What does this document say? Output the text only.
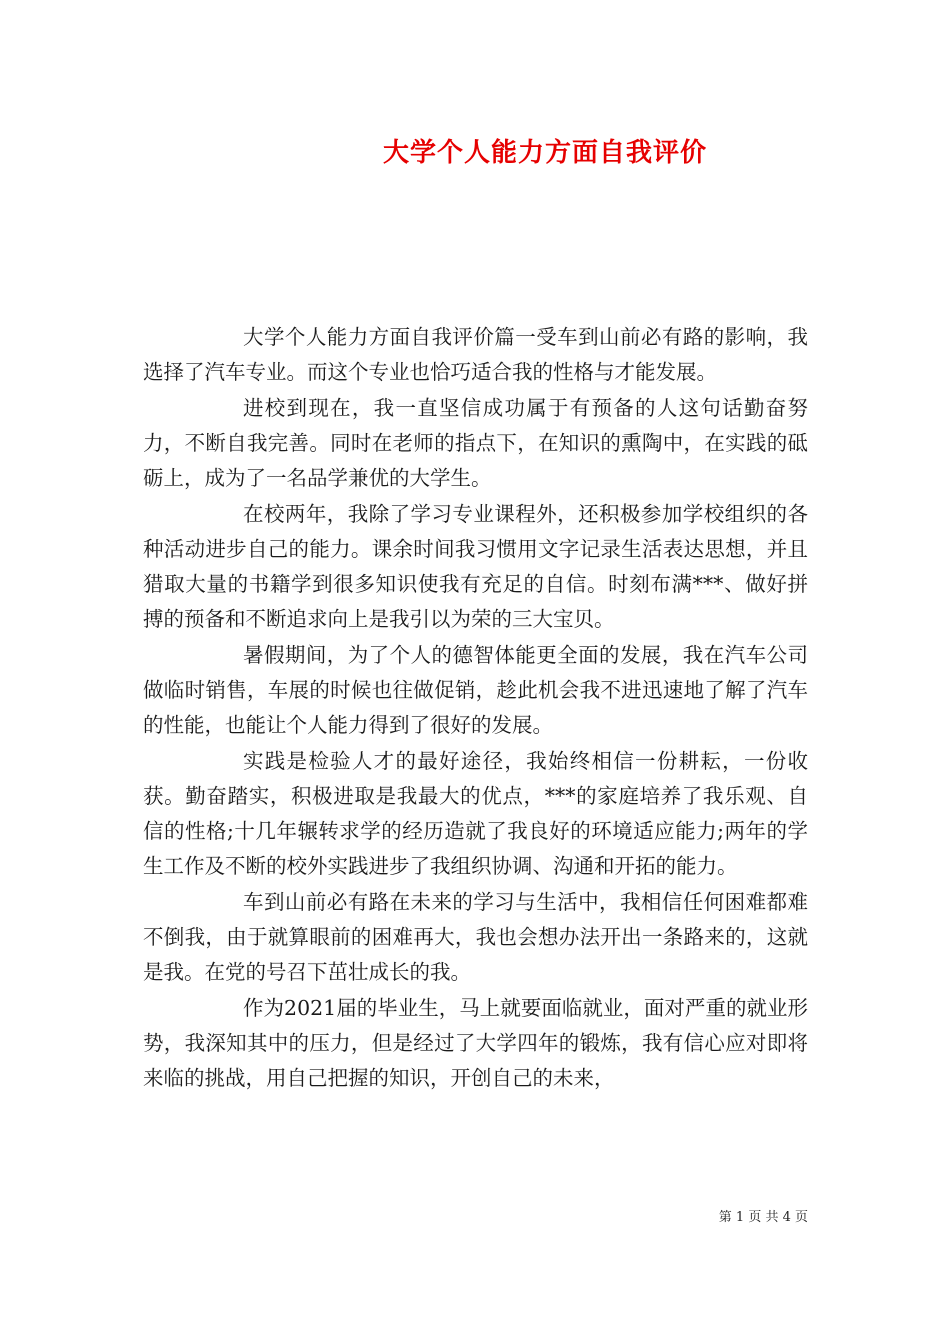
大学个人能力方面自我评价

大学个人能力方面自我评价篇一受车到山前必有路的影响，我选择了汽车专业。而这个专业也恰巧适合我的性格与才能发展。

进校到现在，我一直坚信成功属于有预备的人这句话勤奋努力，不断自我完善。同时在老师的指点下，在知识的熏陶中，在实践的砥砺上，成为了一名品学兼优的大学生。

在校两年，我除了学习专业课程外，还积极参加学校组织的各种活动进步自己的能力。课余时间我习惯用文字记录生活表达思想，并且猎取大量的书籍学到很多知识使我有充足的自信。时刻布满***、做好拼搏的预备和不断追求向上是我引以为荣的三大宝贝。

暑假期间，为了个人的德智体能更全面的发展，我在汽车公司做临时销售，车展的时候也往做促销，趁此机会我不进迅速地了解了汽车的性能，也能让个人能力得到了很好的发展。

实践是检验人才的最好途径，我始终相信一份耕耘，一份收获。勤奋踏实，积极进取是我最大的优点，***的家庭培养了我乐观、自信的性格;十几年辗转求学的经历造就了我良好的环境适应能力;两年的学生工作及不断的校外实践进步了我组织协调、沟通和开拓的能力。

车到山前必有路在未来的学习与生活中，我相信任何困难都难不倒我，由于就算眼前的困难再大，我也会想办法开出一条路来的，这就是我。在党的号召下茁壮成长的我。

作为2021届的毕业生，马上就要面临就业，面对严重的就业形势，我深知其中的压力，但是经过了大学四年的锻炼，我有信心应对即将来临的挑战，用自己把握的知识，开创自己的未来，

第 1 页 共 4 页
